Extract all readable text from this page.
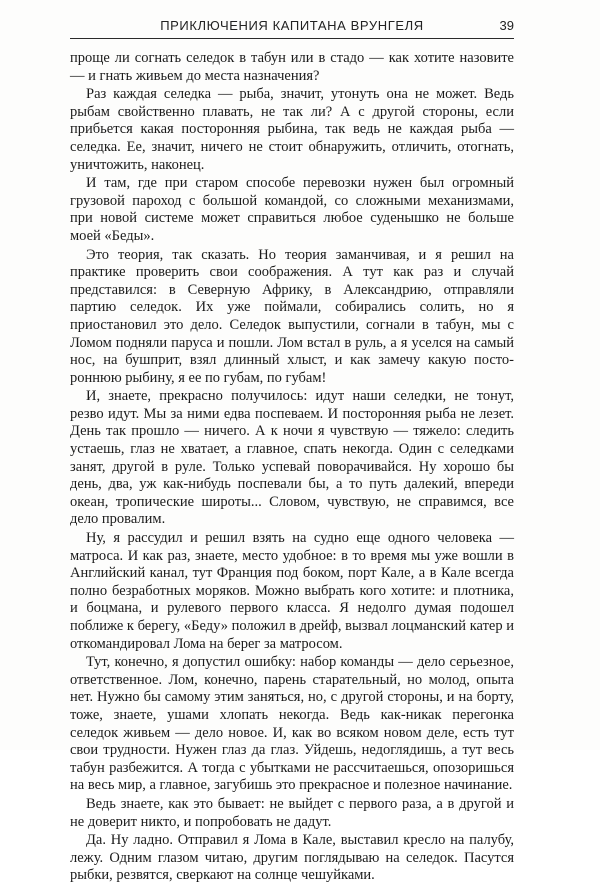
ПРИКЛЮЧЕНИЯ КАПИТАНА ВРУНГЕЛЯ	39

проще ли согнать селедок в табун или в стадо — как хотите назовите — и гнать живьем до места назначения?

Раз каждая селедка — рыба, значит, утонуть она не может. Ведь рыбам свойственно плавать, не так ли? А с другой стороны, если прибьется какая посторонняя рыбина, так ведь не каждая рыба — селедка. Ее, значит, ничего не стоит обнаружить, отличить, отогнать, уничтожить, наконец.

И там, где при старом способе перевозки нужен был огромный грузовой пароход с большой командой, со сложными механизмами, при новой системе может справиться любое суденышко не больше моей «Беды».

Это теория, так сказать. Но теория заманчивая, и я решил на практике проверить свои соображения. А тут как раз и случай представился: в Северную Африку, в Александрию, отправляли партию селедок. Их уже поймали, собирались солить, но я приостановил это дело. Селедок выпустили, согнали в табун, мы с Ломом подняли паруса и пошли. Лом встал в руль, а я уселся на самый нос, на бушприт, взял длинный хлыст, и как замечу какую постороннюю рыбину, я ее по губам, по губам!

И, знаете, прекрасно получилось: идут наши селедки, не тонут, резво идут. Мы за ними едва поспеваем. И посторонняя рыба не лезет. День так прошло — ничего. А к ночи я чувствую — тяжело: следить устаешь, глаз не хватает, а главное, спать некогда. Один с селедками занят, другой в руле. Только успевай поворачивайся. Ну хорошо бы день, два, уж как-нибудь поспевали бы, а то путь далекий, впереди океан, тропические широты... Словом, чувствую, не справимся, все дело провалим.

Ну, я рассудил и решил взять на судно еще одного человека — матроса. И как раз, знаете, место удобное: в то время мы уже вошли в Английский канал, тут Франция под боком, порт Кале, а в Кале всегда полно безработных моряков. Можно выбрать кого хотите: и плотника, и боцмана, и рулевого первого класса. Я недолго думая подошел поближе к берегу, «Беду» положил в дрейф, вызвал лоцманский катер и откомандировал Лома на берег за матросом.

Тут, конечно, я допустил ошибку: набор команды — дело серьезное, ответственное. Лом, конечно, парень старательный, но молод, опыта нет. Нужно бы самому этим заняться, но, с другой стороны, и на борту, тоже, знаете, ушами хлопать некогда. Ведь как-никак перегонка селедок живьем — дело новое. И, как во всяком новом деле, есть тут свои трудности. Нужен глаз да глаз. Уйдешь, недоглядишь, а тут весь табун разбежится. А тогда с убытками не рассчитаешься, опозоришься на весь мир, а главное, загубишь это прекрасное и полезное начинание.

Ведь знаете, как это бывает: не выйдет с первого раза, а в другой и не доверит никто, и попробовать не дадут.

Да. Ну ладно. Отправил я Лома в Кале, выставил кресло на палубу, лежу. Одним глазом читаю, другим поглядываю на селедок. Пасутся рыбки, резвятся, сверкают на солнце чешуйками.
